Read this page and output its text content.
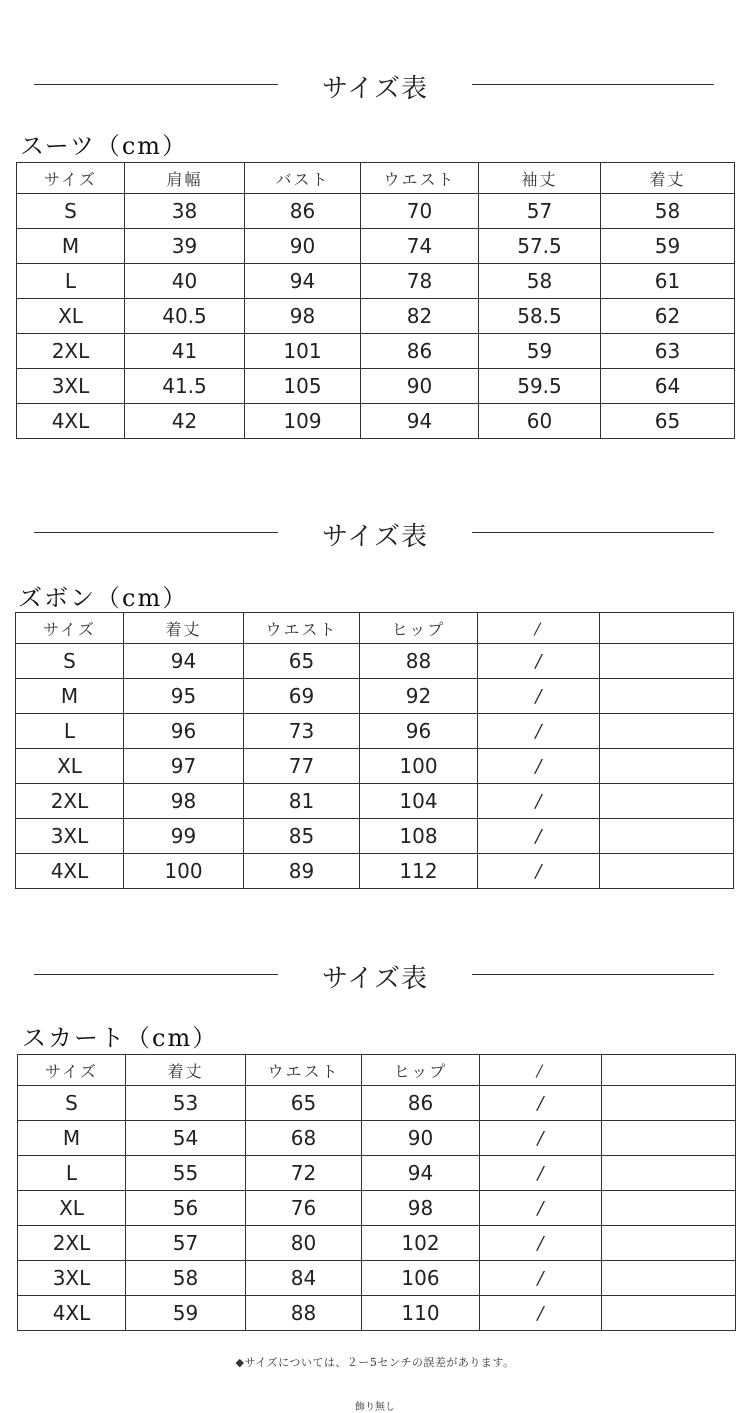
サイズ表
スーツ（cm）
サイズ	肩幅	バスト	ウエスト	袖丈	着丈
S	38	86	70	57	58
M	39	90	74	57.5	59
L	40	94	78	58	61
XL	40.5	98	82	58.5	62
2XL	41	101	86	59	63
3XL	41.5	105	90	59.5	64
4XL	42	109	94	60	65
サイズ表
ズボン（cm）
サイズ	着丈	ウエスト	ヒップ	/	
S	94	65	88	/	
M	95	69	92	/	
L	96	73	96	/	
XL	97	77	100	/	
2XL	98	81	104	/	
3XL	99	85	108	/	
4XL	100	89	112	/	
サイズ表
スカート（cm）
サイズ	着丈	ウエスト	ヒップ	/	
S	53	65	86	/	
M	54	68	90	/	
L	55	72	94	/	
XL	56	76	98	/	
2XL	57	80	102	/	
3XL	58	84	106	/	
4XL	59	88	110	/	
◆サイズについては、２ー5センチの誤差があります。
飾り無し
